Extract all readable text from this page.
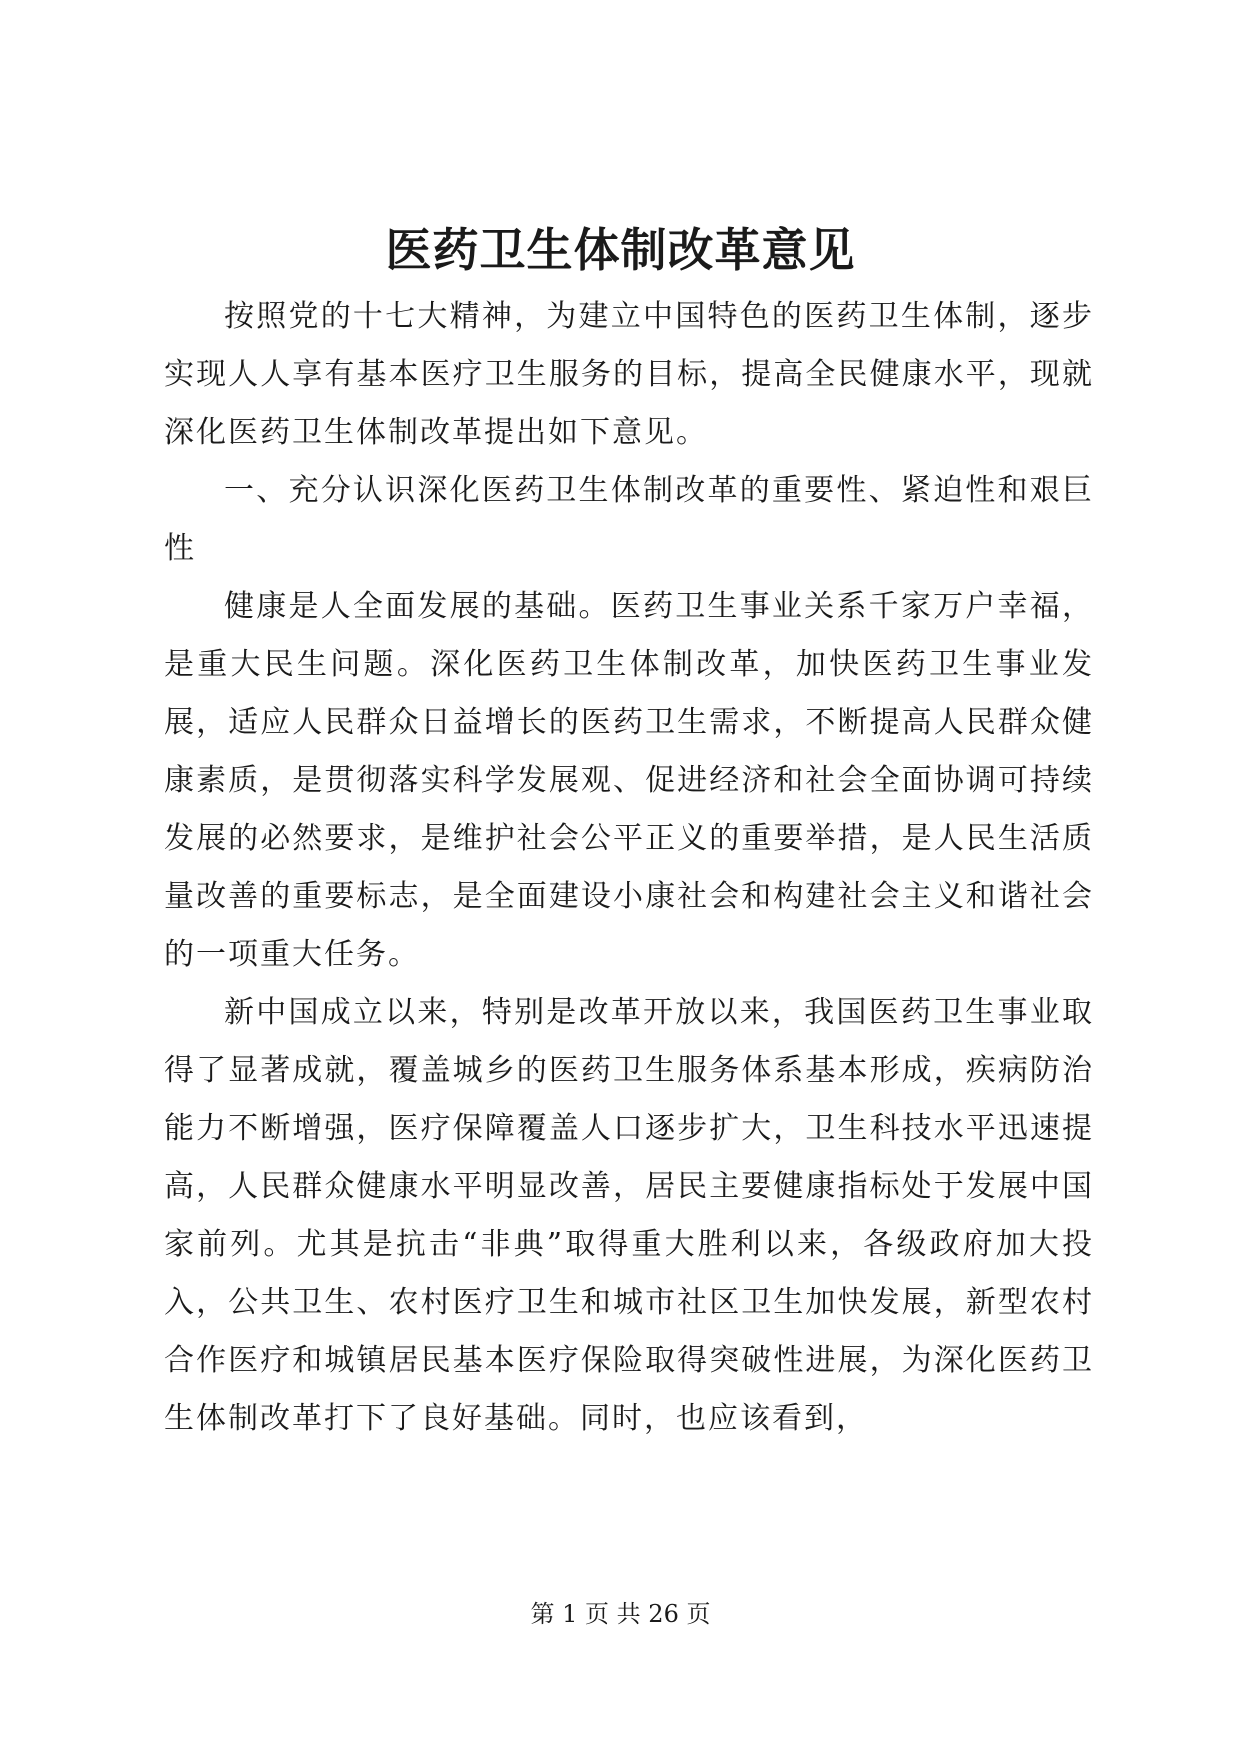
医药卫生体制改革意见

按照党的十七大精神，为建立中国特色的医药卫生体制，逐步实现人人享有基本医疗卫生服务的目标，提高全民健康水平，现就深化医药卫生体制改革提出如下意见。

一、充分认识深化医药卫生体制改革的重要性、紧迫性和艰巨性

健康是人全面发展的基础。医药卫生事业关系千家万户幸福，是重大民生问题。深化医药卫生体制改革，加快医药卫生事业发展，适应人民群众日益增长的医药卫生需求，不断提高人民群众健康素质，是贯彻落实科学发展观、促进经济和社会全面协调可持续发展的必然要求，是维护社会公平正义的重要举措，是人民生活质量改善的重要标志，是全面建设小康社会和构建社会主义和谐社会的一项重大任务。

新中国成立以来，特别是改革开放以来，我国医药卫生事业取得了显著成就，覆盖城乡的医药卫生服务体系基本形成，疾病防治能力不断增强，医疗保障覆盖人口逐步扩大，卫生科技水平迅速提高，人民群众健康水平明显改善，居民主要健康指标处于发展中国家前列。尤其是抗击“非典”取得重大胜利以来，各级政府加大投入，公共卫生、农村医疗卫生和城市社区卫生加快发展，新型农村合作医疗和城镇居民基本医疗保险取得突破性进展，为深化医药卫生体制改革打下了良好基础。同时，也应该看到，

第 1 页 共 26 页
